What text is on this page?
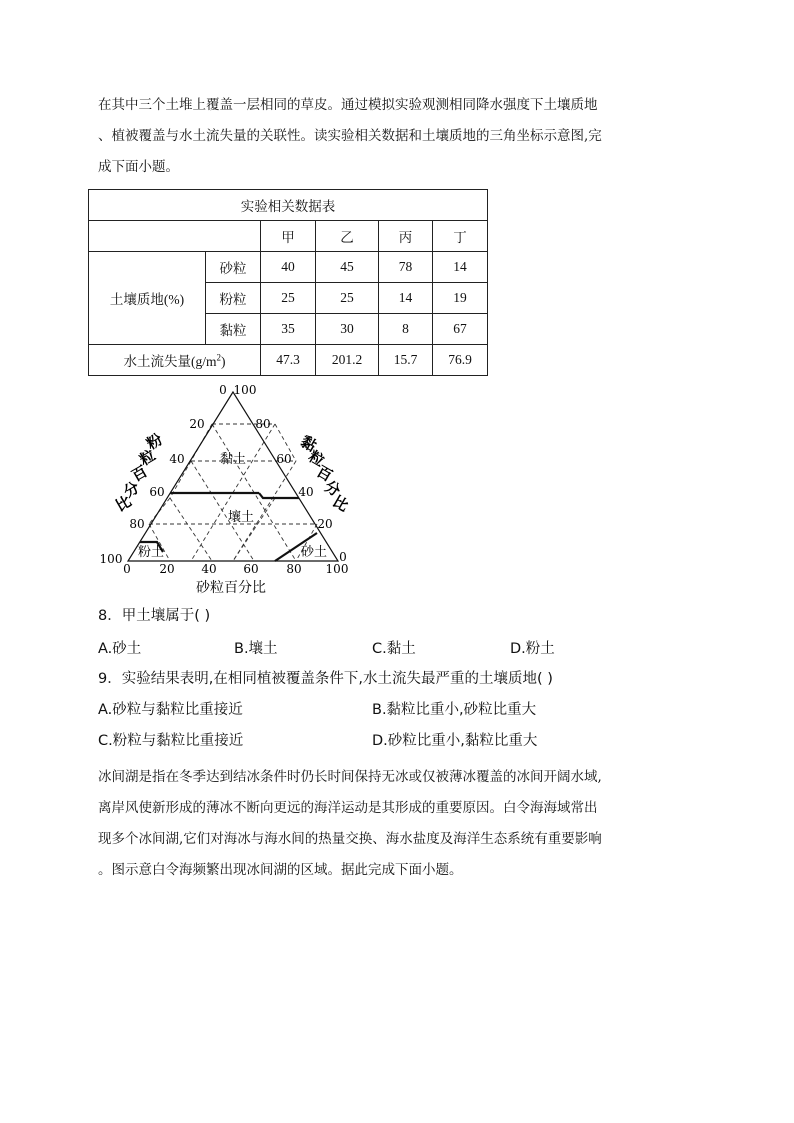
在其中三个土堆上覆盖一层相同的草皮。通过模拟实验观测相同降水强度下土壤质地
、植被覆盖与水土流失量的关联性。读实验相关数据和土壤质地的三角坐标示意图,完
成下面小题。
实验相关数据表					
		甲	乙	丙	丁
土壤质地(%)	砂粒	40	45	78	14
	粉粒	25	25	14	19
	黏粒	35	30	8	67
水土流失量$(g/m^2)$		47.3	201.2	15.7	76.9
黏土
壤土
粉土	砂土
0 100
20
40
60
80
100
80
60
40
20
0
0 20 40 60 80 100
粉
粒
百
分
比
黏
粒
百
分
比
砂粒百分比
8．甲土壤属于( )
A.砂土	B.壤土	C.黏土	D.粉土
9．实验结果表明,在相同植被覆盖条件下,水土流失最严重的土壤质地( )
A.砂粒与黏粒比重接近	B.黏粒比重小,砂粒比重大
C.粉粒与黏粒比重接近	D.砂粒比重小,黏粒比重大
冰间湖是指在冬季达到结冰条件时仍长时间保持无冰或仅被薄冰覆盖的冰间开阔水域,
离岸风使新形成的薄冰不断向更远的海洋运动是其形成的重要原因。白令海海域常出
现多个冰间湖,它们对海冰与海水间的热量交换、海水盐度及海洋生态系统有重要影响
。图示意白令海频繁出现冰间湖的区域。据此完成下面小题。
